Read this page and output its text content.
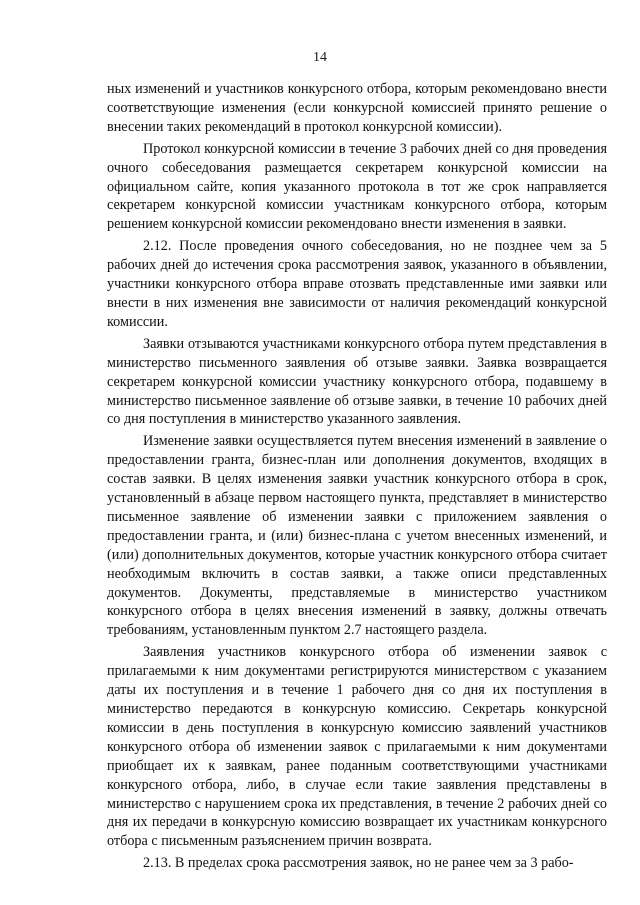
14

ных изменений и участников конкурсного отбора, которым рекомендовано внести соответствующие изменения (если конкурсной комиссией принято решение о внесении таких рекомендаций в протокол конкурсной комиссии).

Протокол конкурсной комиссии в течение 3 рабочих дней со дня проведения очного собеседования размещается секретарем конкурсной комиссии на официальном сайте, копия указанного протокола в тот же срок направляется секретарем конкурсной комиссии участникам конкурсного отбора, которым решением конкурсной комиссии рекомендовано внести изменения в заявки.

2.12. После проведения очного собеседования, но не позднее чем за 5 рабочих дней до истечения срока рассмотрения заявок, указанного в объявлении, участники конкурсного отбора вправе отозвать представленные ими заявки или внести в них изменения вне зависимости от наличия рекомендаций конкурсной комиссии.

Заявки отзываются участниками конкурсного отбора путем представления в министерство письменного заявления об отзыве заявки. Заявка возвращается секретарем конкурсной комиссии участнику конкурсного отбора, подавшему в министерство письменное заявление об отзыве заявки, в течение 10 рабочих дней со дня поступления в министерство указанного заявления.

Изменение заявки осуществляется путем внесения изменений в заявление о предоставлении гранта, бизнес-план или дополнения документов, входящих в состав заявки. В целях изменения заявки участник конкурсного отбора в срок, установленный в абзаце первом настоящего пункта, представляет в министерство письменное заявление об изменении заявки с приложением заявления о предоставлении гранта, и (или) бизнес-плана с учетом внесенных изменений, и (или) дополнительных документов, которые участник конкурсного отбора считает необходимым включить в состав заявки, а также описи представленных документов. Документы, представляемые в министерство участником конкурсного отбора в целях внесения изменений в заявку, должны отвечать требованиям, установленным пунктом 2.7 настоящего раздела.

Заявления участников конкурсного отбора об изменении заявок с прилагаемыми к ним документами регистрируются министерством с указанием даты их поступления и в течение 1 рабочего дня со дня их поступления в министерство передаются в конкурсную комиссию. Секретарь конкурсной комиссии в день поступления в конкурсную комиссию заявлений участников конкурсного отбора об изменении заявок с прилагаемыми к ним документами приобщает их к заявкам, ранее поданным соответствующими участниками конкурсного отбора, либо, в случае если такие заявления представлены в министерство с нарушением срока их представления, в течение 2 рабочих дней со дня их передачи в конкурсную комиссию возвращает их участникам конкурсного отбора с письменным разъяснением причин возврата.

2.13. В пределах срока рассмотрения заявок, но не ранее чем за 3 рабо-
